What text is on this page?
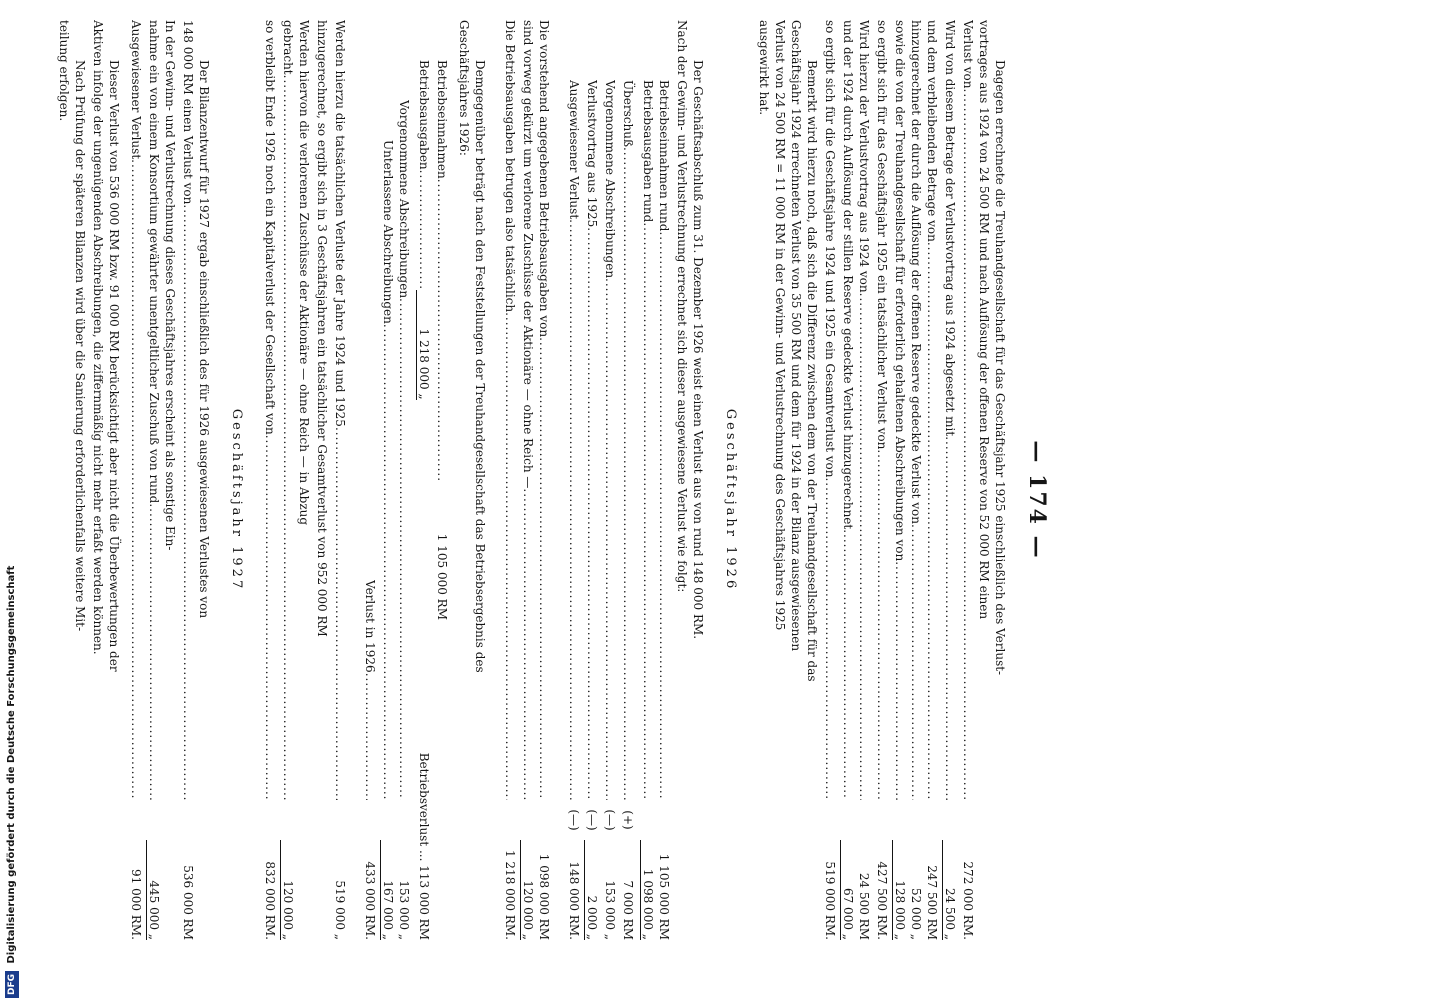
— 174 —
Dagegen errechnete die Treuhandgesellschaft für das Geschäftsjahr 1925 einschließlich des Verlust-
vortrages aus 1924 von 24 500 RM und nach Auflösung der offenen Reserve von 52 000 RM einen
Verlust von
.....
272 000 RM.
Wird von diesem Betrage der Verlustvortrag aus 1924 abgesetzt mit
.....
24 500 „
und dem verbleibenden Betrage von
.....
247 500 RM
hinzugerechnet der durch die Auflösung der offenen Reserve gedeckte Verlust von
.....
52 000 „
sowie die von der Treuhandgesellschaft für erforderlich gehaltenen Abschreibungen von
.....
128 000 „
so ergibt sich für das Geschäftsjahr 1925 ein tatsächlicher Verlust von
.....
427 500 RM.
Wird hierzu der Verlustvortrag aus 1924 von
.....
24 500 RM
und der 1924 durch Auflösung der stillen Reserve gedeckte Verlust hinzugerechnet
.....
67 000 „
so ergibt sich für die Geschäftsjahre 1924 und 1925 ein Gesamtverlust von
.....
519 000 RM.
Bemerkt wird hierzu noch, daß sich die Differenz zwischen dem von der Treuhandgesellschaft für das
Geschäftsjahr 1924 errechneten Verlust von 35 500 RM und dem für 1924 in der Bilanz ausgewiesenen
Verlust von 24 500 RM = 11 000 RM in der Gewinn- und Verlustrechnung des Geschäftsjahres 1925
ausgewirkt hat.
Geschäftsjahr 1926
Der Geschäftsabschluß zum 31. Dezember 1926 weist einen Verlust aus von rund 148 000 RM.
Nach der Gewinn- und Verlustrechnung errechnet sich dieser ausgewiesene Verlust wie folgt:
Betriebseinnahmen rund
.....
1 105 000 RM
Betriebsausgaben rund
.....
1 098 000 „
Überschuß
.....
(+)
7 000 RM
Vorgenommene Abschreibungen
.....
(—)
153 000 „
Verlustvortrag aus 1925
.....
(—)
2 000 „
Ausgewiesener Verlust
.....
(—)
148 000 RM.
Die vorstehend angegebenen Betriebsausgaben von
.....
1 098 000 RM
sind vorweg gekürzt um verlorene Zuschüsse der Aktionäre — ohne Reich —
.....
120 000 „
Die Betriebsausgaben betrugen also tatsächlich
.....
1 218 000 RM.
Demgegenüber beträgt nach den Feststellungen der Treuhandgesellschaft das Betriebsergebnis des
Geschäftsjahres 1926:
Betriebseinnahmen
.....
1 105 000 RM
Betriebsausgaben
.....
1 218 000 „
Betriebsverlust ... 113 000 RM
Vorgenommene Abschreibungen
.....
153 000 „
Unterlassene Abschreibungen
.....
167 000 „
Verlust in 1926
.....
433 000 RM.
Werden hierzu die tatsächlichen Verluste der Jahre 1924 und 1925
.....
519 000 „
hinzugerechnet, so ergibt sich in 3 Geschäftsjahren ein tatsächlicher Gesamtverlust von 952 000 RM
Werden hiervon die verlorenen Zuschüsse der Aktionäre — ohne Reich — in Abzug
gebracht
.....
120 000 „
so verbleibt Ende 1926 noch ein Kapitalverlust der Gesellschaft von
.....
832 000 RM.
Geschäftsjahr 1927
Der Bilanzentwurf für 1927 ergab einschließlich des für 1926 ausgewiesenen Verlustes von
148 000 RM einen Verlust von
.....
536 000 RM
In der Gewinn- und Verlustrechnung dieses Geschäftsjahres erscheint als sonstige Ein-
nahme ein von einem Konsortium gewährter unentgeltlicher Zuschuß von rund
.....
445 000 „
Ausgewiesener Verlust
.....
91 000 RM.
Dieser Verlust von 536 000 RM bzw. 91 000 RM berücksichtigt aber nicht die Überbewertungen der
Aktiven infolge der ungenügenden Abschreibungen, die ziffernmäßig nicht mehr erfaßt werden können.
Nach Prüfung der späteren Bilanzen wird über die Sanierung erforderlichenfalls weitere Mit-
teilung erfolgen.
DFG Digitalisierung gefördert durch die Deutsche Forschungsgemeinschaft
